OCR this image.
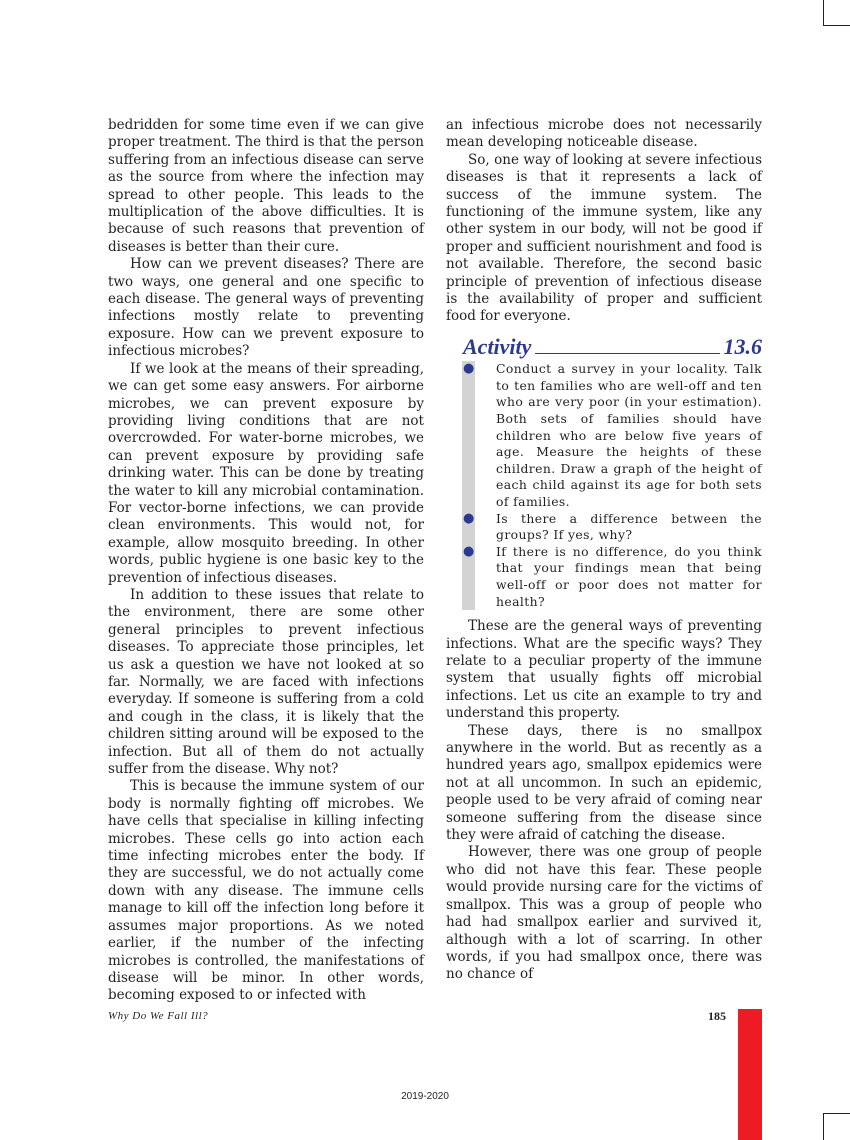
bedridden for some time even if we can give proper treatment. The third is that the person suffering from an infectious disease can serve as the source from where the infection may spread to other people. This leads to the multiplication of the above difficulties. It is because of such reasons that prevention of diseases is better than their cure.

How can we prevent diseases? There are two ways, one general and one specific to each disease. The general ways of preventing infections mostly relate to preventing exposure. How can we prevent exposure to infectious microbes?

If we look at the means of their spreading, we can get some easy answers. For airborne microbes, we can prevent exposure by providing living conditions that are not overcrowded. For water-borne microbes, we can prevent exposure by providing safe drinking water. This can be done by treating the water to kill any microbial contamination. For vector-borne infections, we can provide clean environments. This would not, for example, allow mosquito breeding. In other words, public hygiene is one basic key to the prevention of infectious diseases.

In addition to these issues that relate to the environment, there are some other general principles to prevent infectious diseases. To appreciate those principles, let us ask a question we have not looked at so far. Normally, we are faced with infections everyday. If someone is suffering from a cold and cough in the class, it is likely that the children sitting around will be exposed to the infection. But all of them do not actually suffer from the disease. Why not?

This is because the immune system of our body is normally fighting off microbes. We have cells that specialise in killing infecting microbes. These cells go into action each time infecting microbes enter the body. If they are successful, we do not actually come down with any disease. The immune cells manage to kill off the infection long before it assumes major proportions. As we noted earlier, if the number of the infecting microbes is controlled, the manifestations of disease will be minor. In other words, becoming exposed to or infected with

an infectious microbe does not necessarily mean developing noticeable disease.

So, one way of looking at severe infectious diseases is that it represents a lack of success of the immune system. The functioning of the immune system, like any other system in our body, will not be good if proper and sufficient nourishment and food is not available. Therefore, the second basic principle of prevention of infectious disease is the availability of proper and sufficient food for everyone.

Activity	13.6
● Conduct a survey in your locality. Talk to ten families who are well-off and ten who are very poor (in your estimation). Both sets of families should have children who are below five years of age. Measure the heights of these children. Draw a graph of the height of each child against its age for both sets of families.
● Is there a difference between the groups? If yes, why?
● If there is no difference, do you think that your findings mean that being well-off or poor does not matter for health?

These are the general ways of preventing infections. What are the specific ways? They relate to a peculiar property of the immune system that usually fights off microbial infections. Let us cite an example to try and understand this property.

These days, there is no smallpox anywhere in the world. But as recently as a hundred years ago, smallpox epidemics were not at all uncommon. In such an epidemic, people used to be very afraid of coming near someone suffering from the disease since they were afraid of catching the disease.

However, there was one group of people who did not have this fear. These people would provide nursing care for the victims of smallpox. This was a group of people who had had smallpox earlier and survived it, although with a lot of scarring. In other words, if you had smallpox once, there was no chance of

Why Do We Fall Ill?	185
2019-2020
